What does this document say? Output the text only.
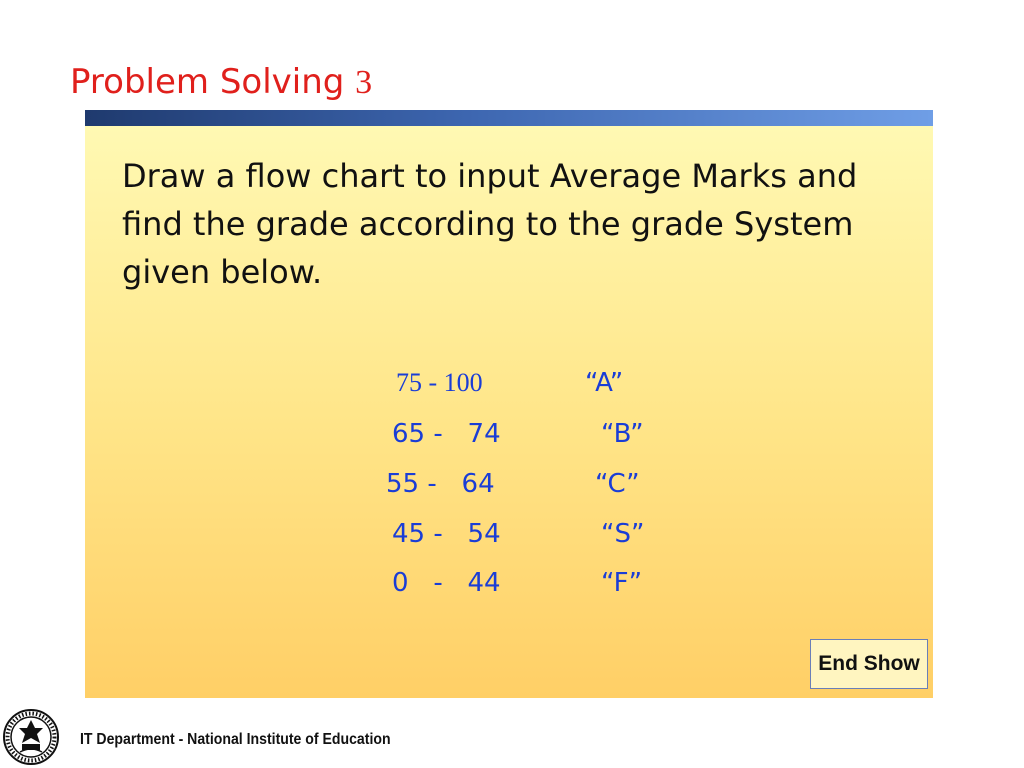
Problem Solving 3

Draw a flow chart to input Average Marks and find the grade according to the grade System given below.

75 - 100	“A”
65 -   74	“B”
55 -   64	“C”
45 -   54	“S”
0   -   44	“F”
End Show
IT Department - National Institute of Education
